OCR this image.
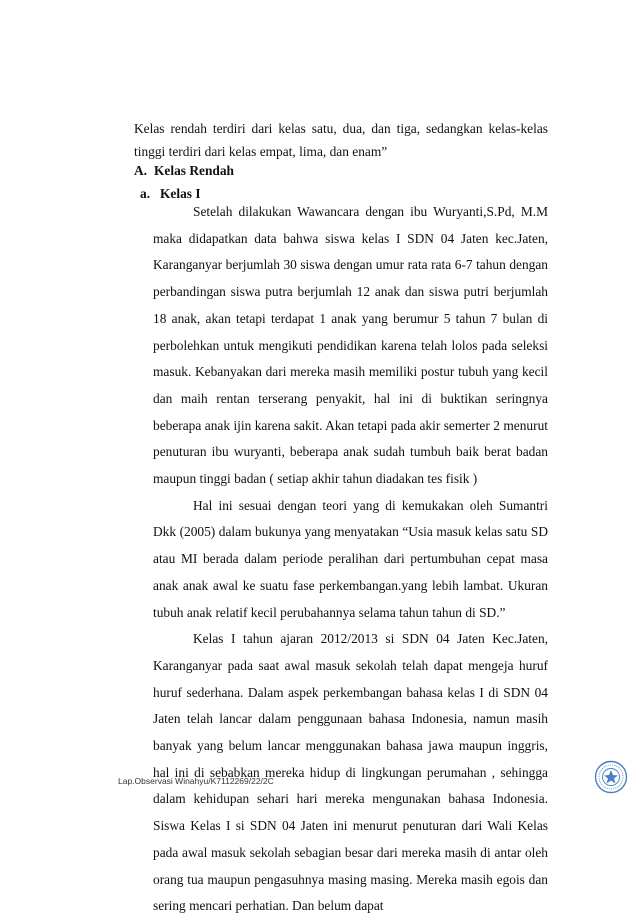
Kelas rendah terdiri dari kelas satu, dua, dan tiga, sedangkan kelas-kelas tinggi terdiri dari kelas empat, lima, dan enam”

A. Kelas Rendah
a. Kelas I

Setelah dilakukan Wawancara dengan ibu Wuryanti,S.Pd, M.M maka didapatkan data bahwa siswa kelas I SDN 04 Jaten kec.Jaten, Karanganyar berjumlah 30 siswa dengan umur rata rata 6-7 tahun dengan perbandingan siswa putra berjumlah 12 anak dan siswa putri berjumlah 18 anak, akan tetapi terdapat 1 anak yang berumur 5 tahun 7 bulan di perbolehkan untuk mengikuti pendidikan karena telah lolos pada seleksi masuk. Kebanyakan dari mereka masih memiliki postur tubuh yang kecil dan maih rentan terserang penyakit, hal ini di buktikan seringnya beberapa anak ijin karena sakit. Akan tetapi pada akir semerter 2 menurut penuturan ibu wuryanti, beberapa anak sudah tumbuh baik berat badan maupun tinggi badan ( setiap akhir tahun diadakan tes fisik )

Hal ini sesuai dengan teori yang di kemukakan oleh Sumantri Dkk (2005) dalam bukunya yang menyatakan “Usia masuk kelas satu SD atau MI berada dalam periode peralihan dari pertumbuhan cepat masa anak anak awal ke suatu fase perkembangan.yang lebih lambat. Ukuran tubuh anak relatif kecil perubahannya selama tahun tahun di SD.”

Kelas I tahun ajaran 2012/2013 si SDN 04 Jaten Kec.Jaten, Karanganyar pada saat awal masuk sekolah telah dapat mengeja huruf huruf sederhana. Dalam aspek perkembangan bahasa kelas I di SDN 04 Jaten telah lancar dalam penggunaan bahasa Indonesia, namun masih banyak yang belum lancar menggunakan bahasa jawa maupun inggris, hal ini di sebabkan mereka hidup di lingkungan perumahan , sehingga dalam kehidupan sehari hari mereka mengunakan bahasa Indonesia. Siswa Kelas I si SDN 04 Jaten ini menurut penuturan dari Wali Kelas pada awal masuk sekolah sebagian besar dari mereka masih di antar oleh orang tua maupun pengasuhnya masing masing. Mereka masih egois dan sering mencari perhatian. Dan belum dapat

Lap.Observasi Winahyu/K7112269/22/2C
